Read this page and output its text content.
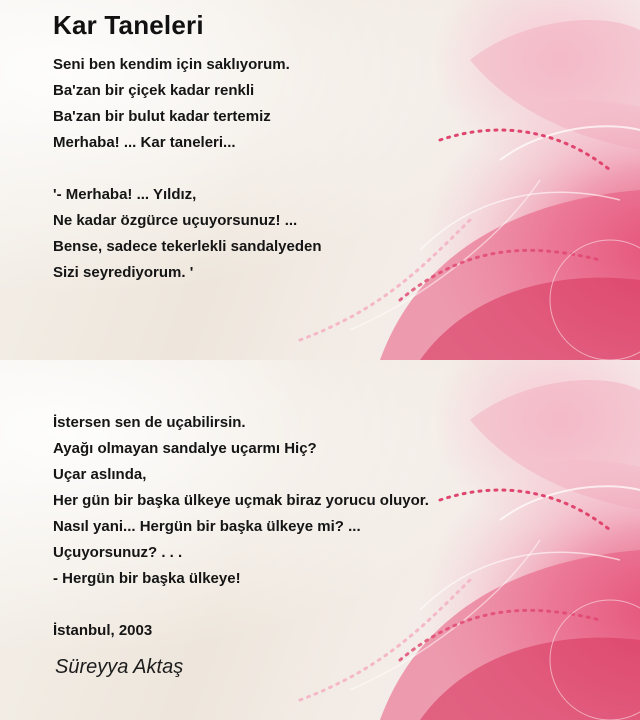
Kar Taneleri
Seni ben kendim için saklıyorum.
Ba'zan bir çiçek kadar renkli
Ba'zan bir bulut kadar tertemiz
Merhaba! ... Kar taneleri...
'- Merhaba! ... Yıldız,
Ne kadar özgürce uçuyorsunuz! ...
Bense, sadece tekerlekli sandalyeden
Sizi seyrediyorum. '
İstersen sen de uçabilirsin.
Ayağı olmayan sandalye uçarmı Hiç?
Uçar aslında,
Her gün bir başka ülkeye uçmak biraz yorucu oluyor.
Nasıl yani... Hergün bir başka ülkeye mi? ...
Uçuyorsunuz? . . .
- Hergün bir başka ülkeye!
İstanbul, 2003
Süreyya Aktaş
